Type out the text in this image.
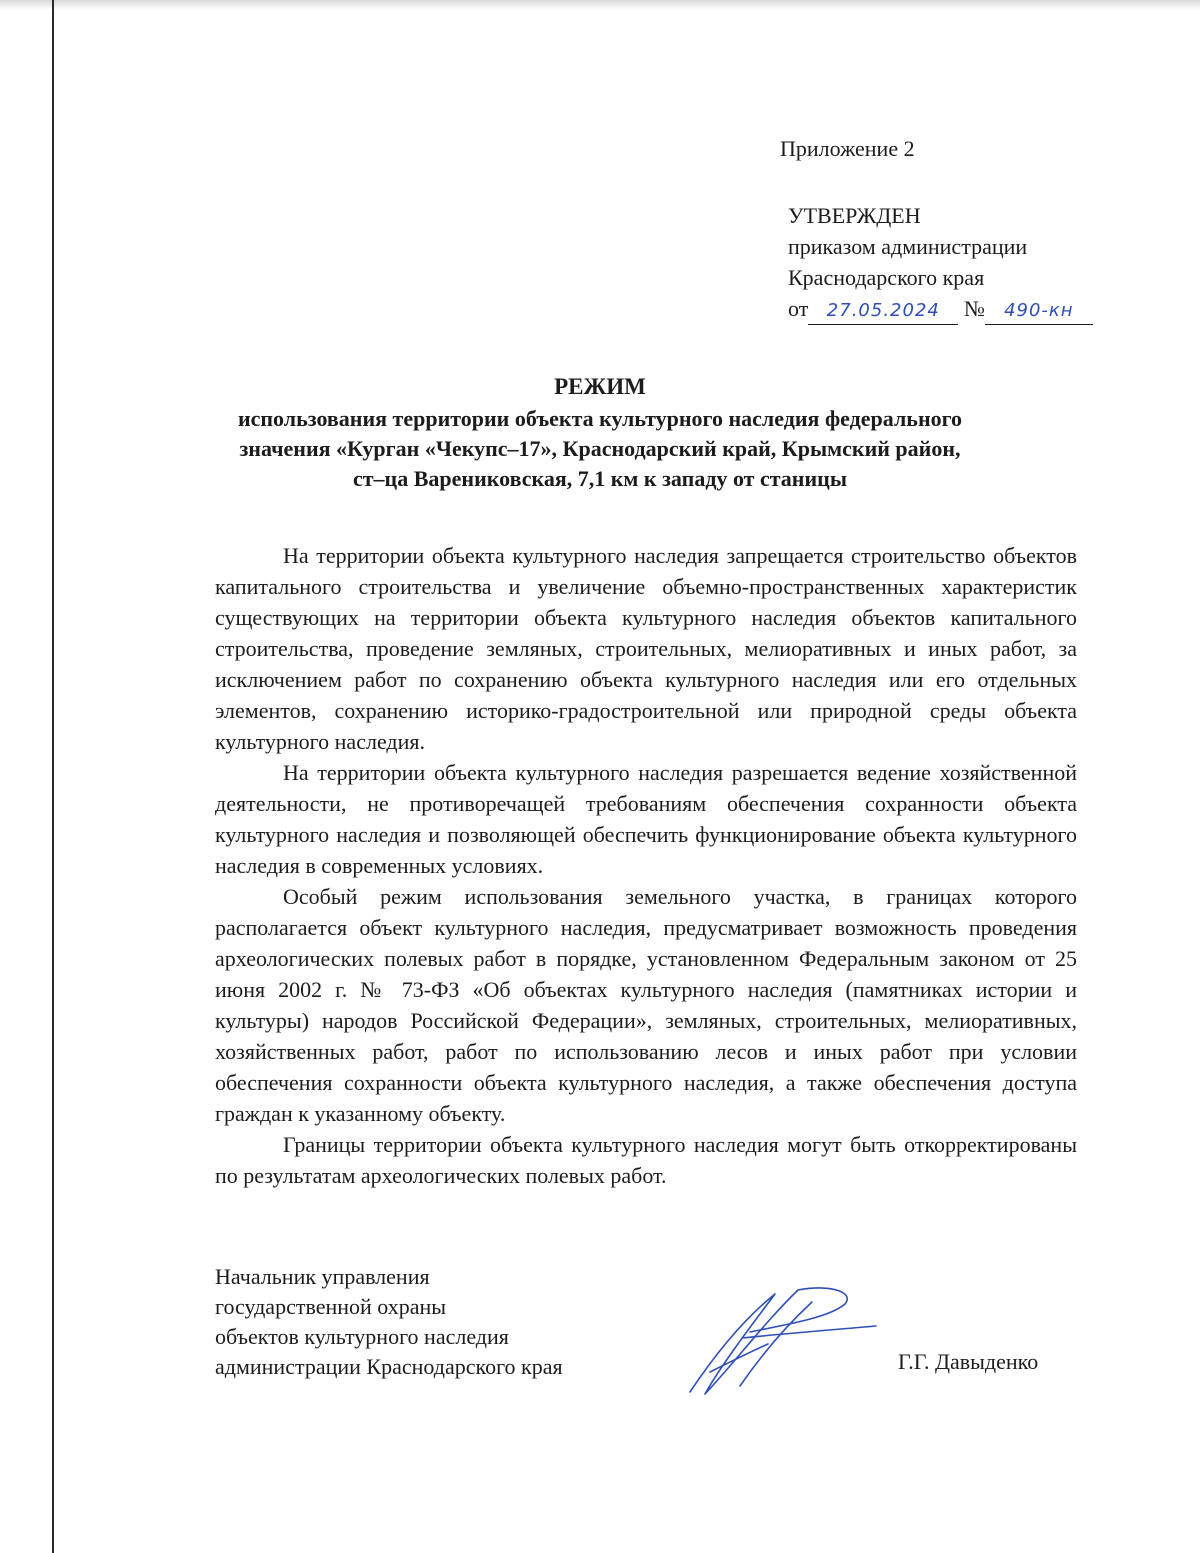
Приложение 2
УТВЕРЖДЕН
приказом администрации
Краснодарского края
от 27.05.2024 № 490-кн
РЕЖИМ
использования территории объекта культурного наследия федерального
значения «Курган «Чекупс–17», Краснодарский край, Крымский район,
ст–ца Варениковская, 7,1 км к западу от станицы

На территории объекта культурного наследия запрещается строительство объектов капитального строительства и увеличение объемно-пространственных характеристик существующих на территории объекта культурного наследия объектов капитального строительства, проведение земляных, строительных, мелиоративных и иных работ, за исключением работ по сохранению объекта культурного наследия или его отдельных элементов, сохранению историко-градостроительной или природной среды объекта культурного наследия.

На территории объекта культурного наследия разрешается ведение хозяйственной деятельности, не противоречащей требованиям обеспечения сохранности объекта культурного наследия и позволяющей обеспечить функционирование объекта культурного наследия в современных условиях.

Особый режим использования земельного участка, в границах которого располагается объект культурного наследия, предусматривает возможность проведения археологических полевых работ в порядке, установленном Федеральным законом от 25 июня 2002 г. № 73-ФЗ «Об объектах культурного наследия (памятниках истории и культуры) народов Российской Федерации», земляных, строительных, мелиоративных, хозяйственных работ, работ по использованию лесов и иных работ при условии обеспечения сохранности объекта культурного наследия, а также обеспечения доступа граждан к указанному объекту.

Границы территории объекта культурного наследия могут быть откорректированы по результатам археологических полевых работ.

Начальник управления
государственной охраны
объектов культурного наследия
администрации Краснодарского края	Г.Г. Давыденко
